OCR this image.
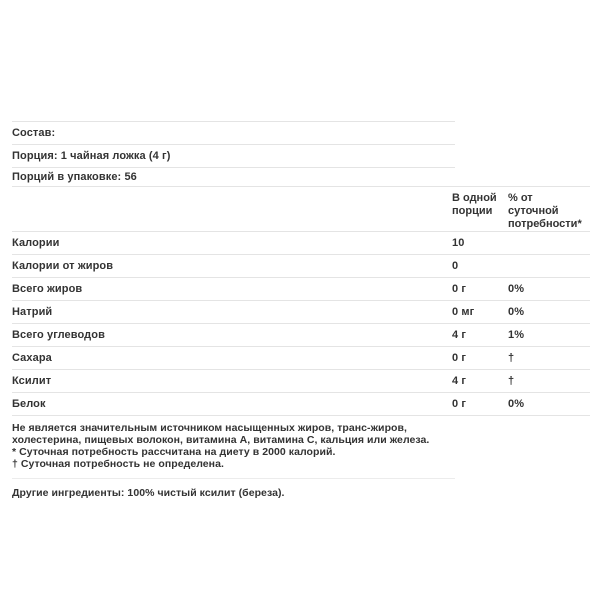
Состав:
Порция: 1 чайная ложка (4 г)
Порций в упаковке: 56
В одной порции
% от суточной потребности*
Калории	10
Калории от жиров	0
Всего жиров	0 г	0%
Натрий	0 мг	0%
Всего углеводов	4 г	1%
Сахара	0 г	†
Ксилит	4 г	†
Белок	0 г	0%

Не является значительным источником насыщенных жиров, транс-жиров, холестерина, пищевых волокон, витамина А, витамина С, кальция или железа.

* Суточная потребность рассчитана на диету в 2000 калорий.

† Суточная потребность не определена.

Другие ингредиенты: 100% чистый ксилит (береза).
